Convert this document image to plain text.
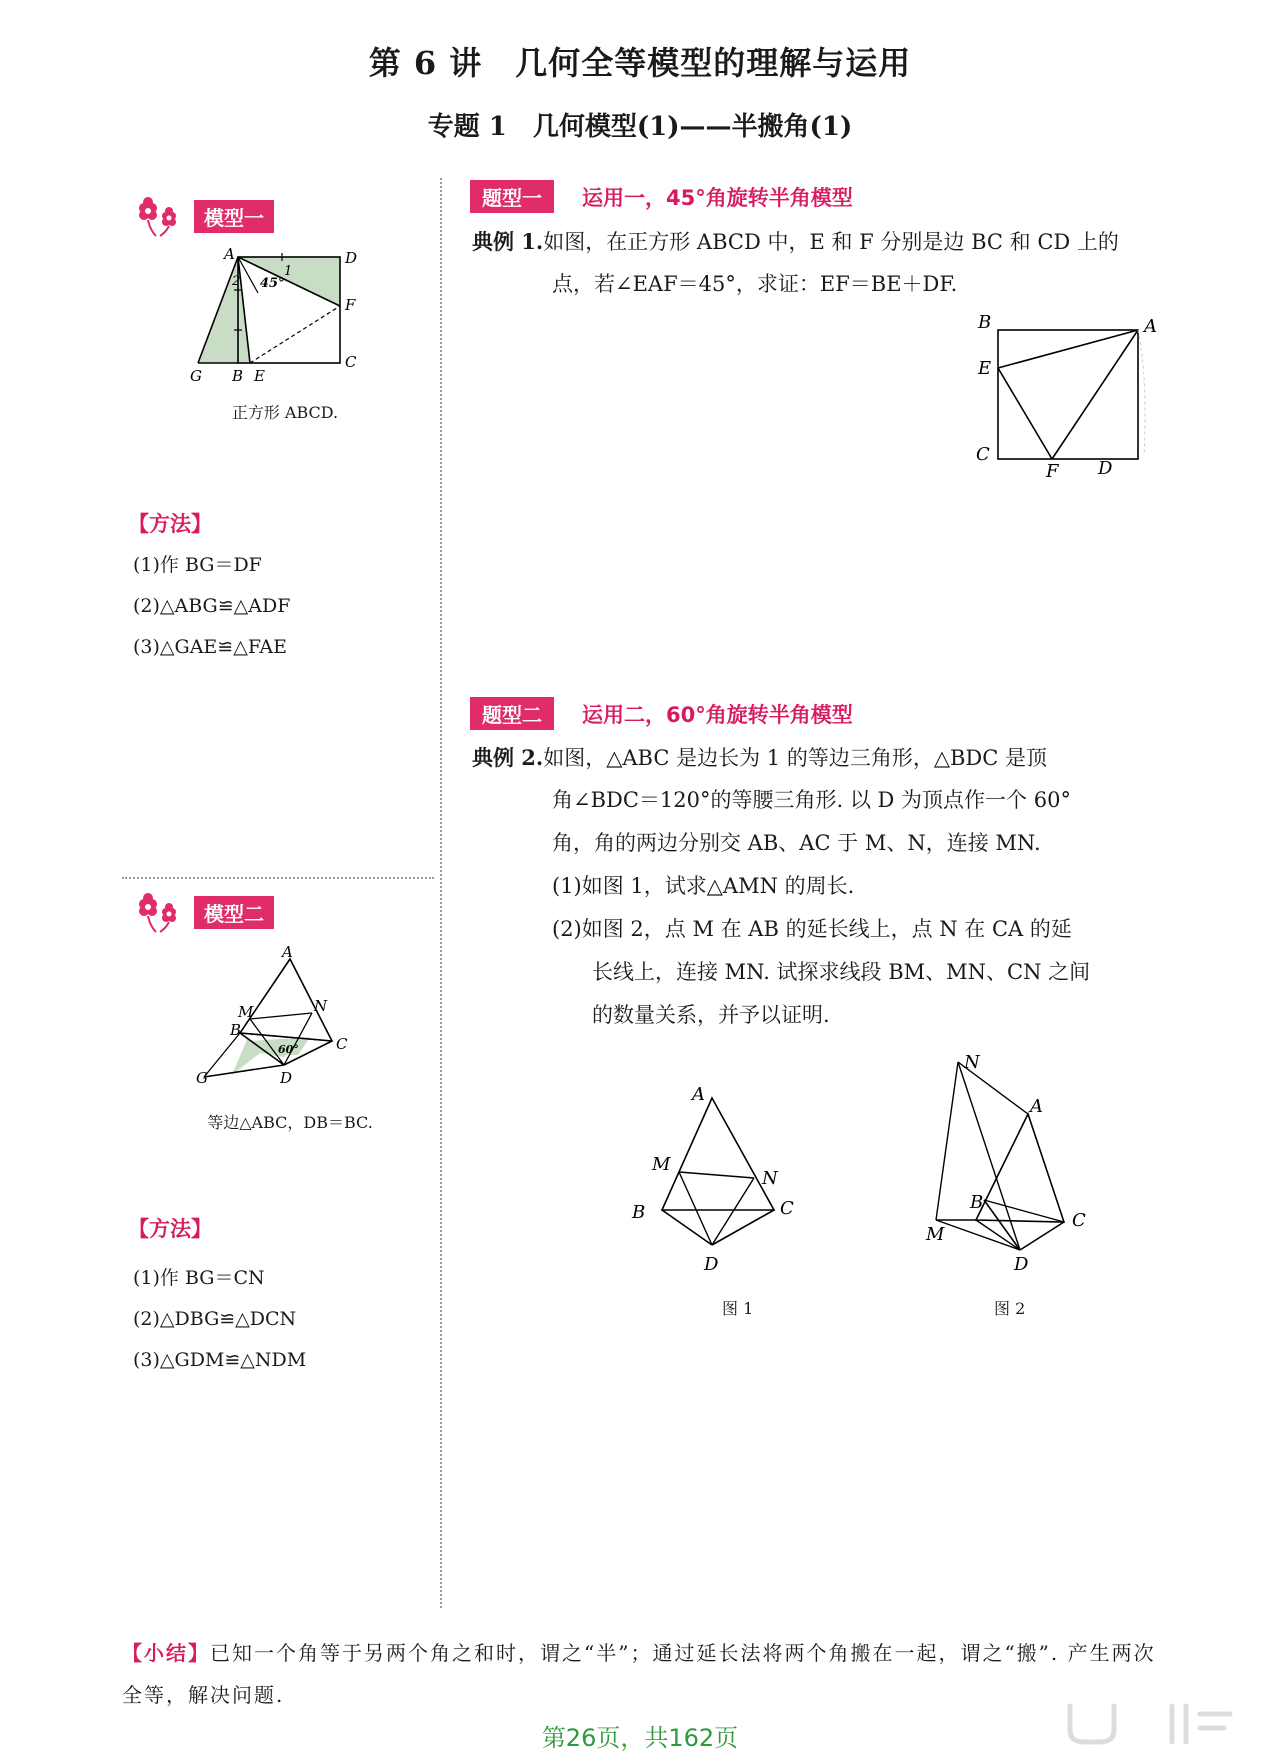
第 6 讲　几何全等模型的理解与运用
专题 1　几何模型(1)——半搬角(1)
模型一
A	D
F
C
G B E
1
2 45°
正方形 ABCD.
【方法】
(1)作 BG＝DF
(2)△ABG≌△ADF
(3)△GAE≌△FAE
模型二
A
M	N
B
C
G	D
60°
等边△ABC，DB＝BC.
【方法】
(1)作 BG＝CN
(2)△DBG≌△DCN
(3)△GDM≌△NDM
题型一	运用一，45°角旋转半角模型
典例 1.如图，在正方形 ABCD 中，E 和 F 分别是边 BC 和 CD 上的
点，若∠EAF＝45°，求证：EF＝BE＋DF.
B	A
E
C
F D
题型二	运用二，60°角旋转半角模型
典例 2.如图，△ABC 是边长为 1 的等边三角形，△BDC 是顶
角∠BDC＝120°的等腰三角形. 以 D 为顶点作一个 60°
角，角的两边分别交 AB、AC 于 M、N，连接 MN.
(1)如图 1，试求△AMN 的周长.
(2)如图 2，点 M 在 AB 的延长线上，点 N 在 CA 的延
长线上，连接 MN. 试探求线段 BM、MN、CN 之间
的数量关系，并予以证明.
A
M
N
B	C
D
图 1
N
A
B
C
M
D
图 2
【小结】已知一个角等于另两个角之和时，谓之“半”；通过延长法将两个角搬在一起，谓之“搬”. 产生两次全等，解决问题.
第26页，共162页
